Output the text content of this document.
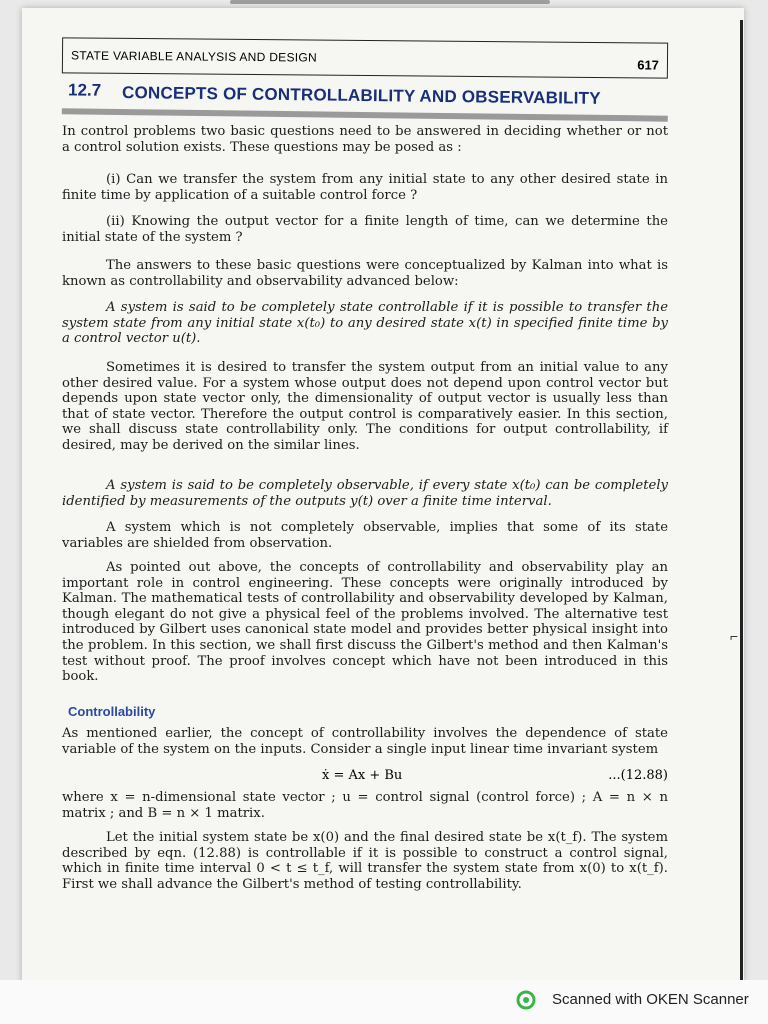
STATE VARIABLE ANALYSIS AND DESIGN
617
12.7 CONCEPTS OF CONTROLLABILITY AND OBSERVABILITY
In control problems two basic questions need to be answered in deciding whether or not a control solution exists. These questions may be posed as :
(i) Can we transfer the system from any initial state to any other desired state in finite time by application of a suitable control force ?
(ii) Knowing the output vector for a finite length of time, can we determine the initial state of the system ?
The answers to these basic questions were conceptualized by Kalman into what is known as controllability and observability advanced below:
A system is said to be completely state controllable if it is possible to transfer the system state from any initial state x(t₀) to any desired state x(t) in specified finite time by a control vector u(t).
Sometimes it is desired to transfer the system output from an initial value to any other desired value. For a system whose output does not depend upon control vector but depends upon state vector only, the dimensionality of output vector is usually less than that of state vector. Therefore the output control is comparatively easier. In this section, we shall discuss state controllability only. The conditions for output controllability, if desired, may be derived on the similar lines.
A system is said to be completely observable, if every state x(t₀) can be completely identified by measurements of the outputs y(t) over a finite time interval.
A system which is not completely observable, implies that some of its state variables are shielded from observation.
As pointed out above, the concepts of controllability and observability play an important role in control engineering. These concepts were originally introduced by Kalman. The mathematical tests of controllability and observability developed by Kalman, though elegant do not give a physical feel of the problems involved. The alternative test introduced by Gilbert uses canonical state model and provides better physical insight into the problem. In this section, we shall first discuss the Gilbert's method and then Kalman's test without proof. The proof involves concept which have not been introduced in this book.
Controllability
As mentioned earlier, the concept of controllability involves the dependence of state variable of the system on the inputs. Consider a single input linear time invariant system
ẋ = Ax + Bu	...(12.88)
where x = n-dimensional state vector ; u = control signal (control force) ; A = n × n matrix ; and B = n × 1 matrix.
Let the initial system state be x(0) and the final desired state be x(t_f). The system described by eqn. (12.88) is controllable if it is possible to construct a control signal, which in finite time interval 0 < t ≤ t_f, will transfer the system state from x(0) to x(t_f). First we shall advance the Gilbert's method of testing controllability.
⌐
Scanned with OKEN Scanner
